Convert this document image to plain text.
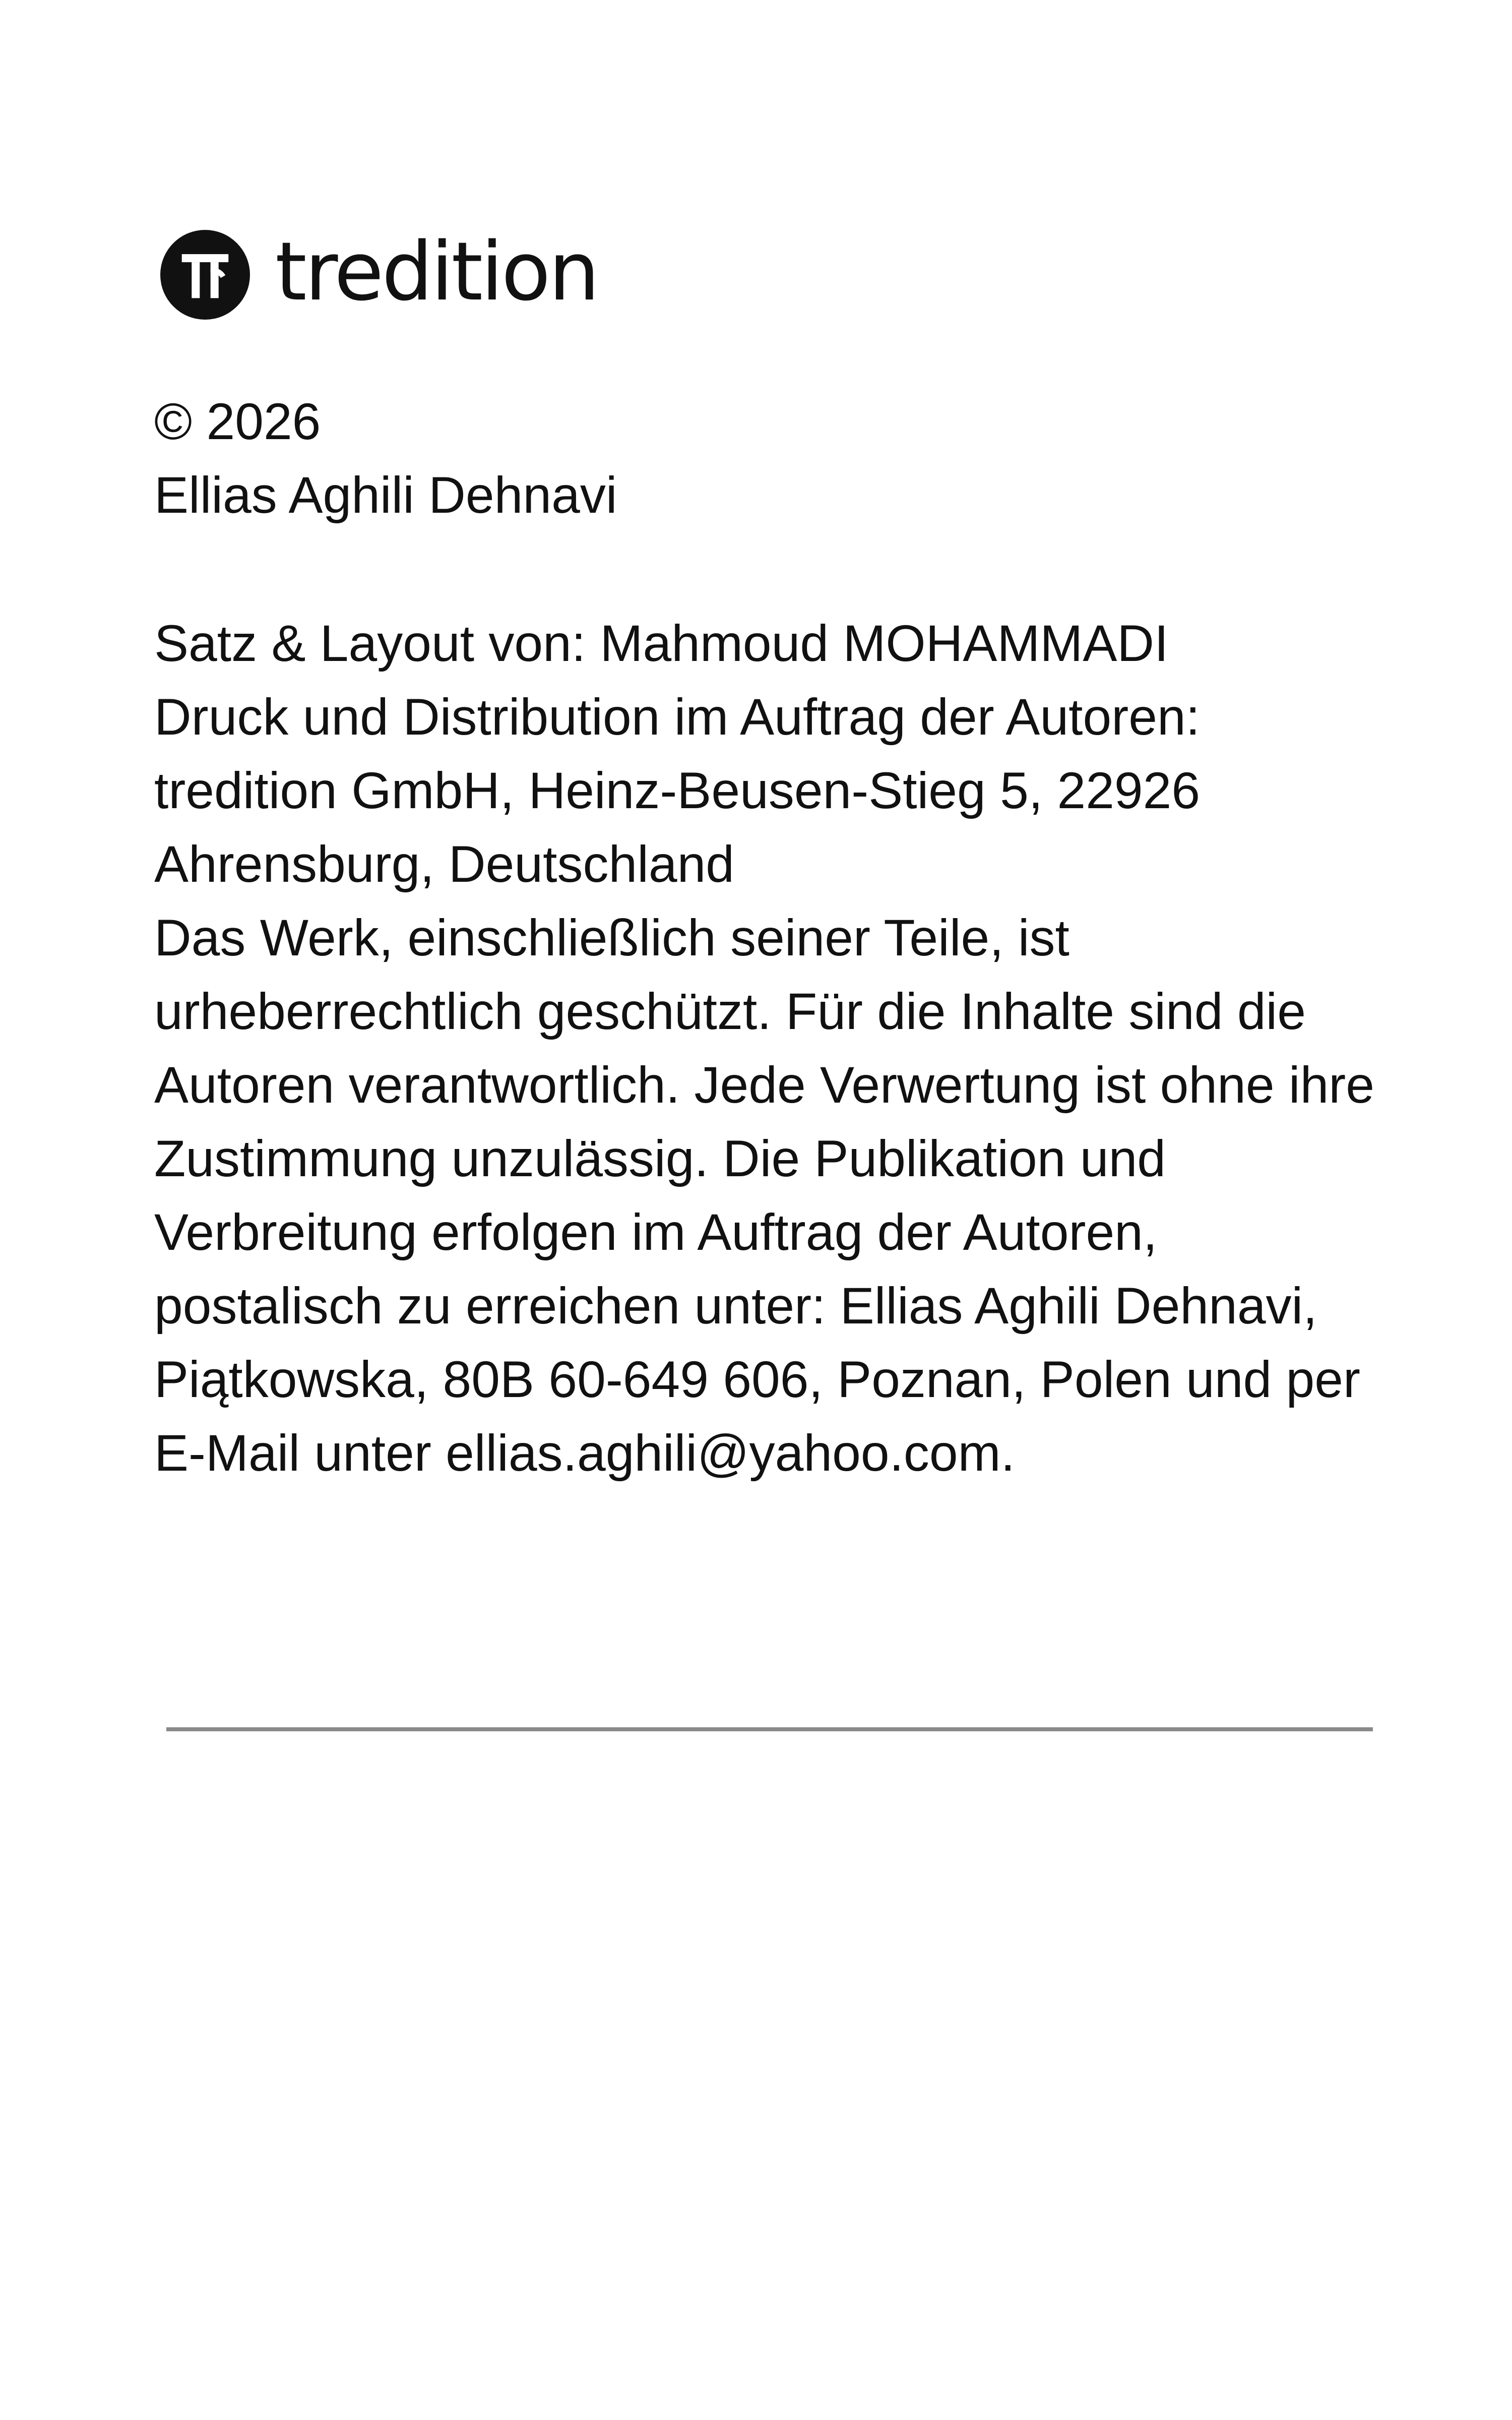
tredition
© 2026
Ellias Aghili Dehnavi
Satz & Layout von: Mahmoud MOHAMMADI
Druck und Distribution im Auftrag der Autoren:
tredition GmbH, Heinz-Beusen-Stieg 5, 22926
Ahrensburg, Deutschland
Das Werk, einschließlich seiner Teile, ist
urheberrechtlich geschützt. Für die Inhalte sind die
Autoren verantwortlich. Jede Verwertung ist ohne ihre
Zustimmung unzulässig. Die Publikation und
Verbreitung erfolgen im Auftrag der Autoren,
postalisch zu erreichen unter: Ellias Aghili Dehnavi,
Piątkowska, 80B 60-649 606, Poznan, Polen und per
E-Mail unter ellias.aghili@yahoo.com.
